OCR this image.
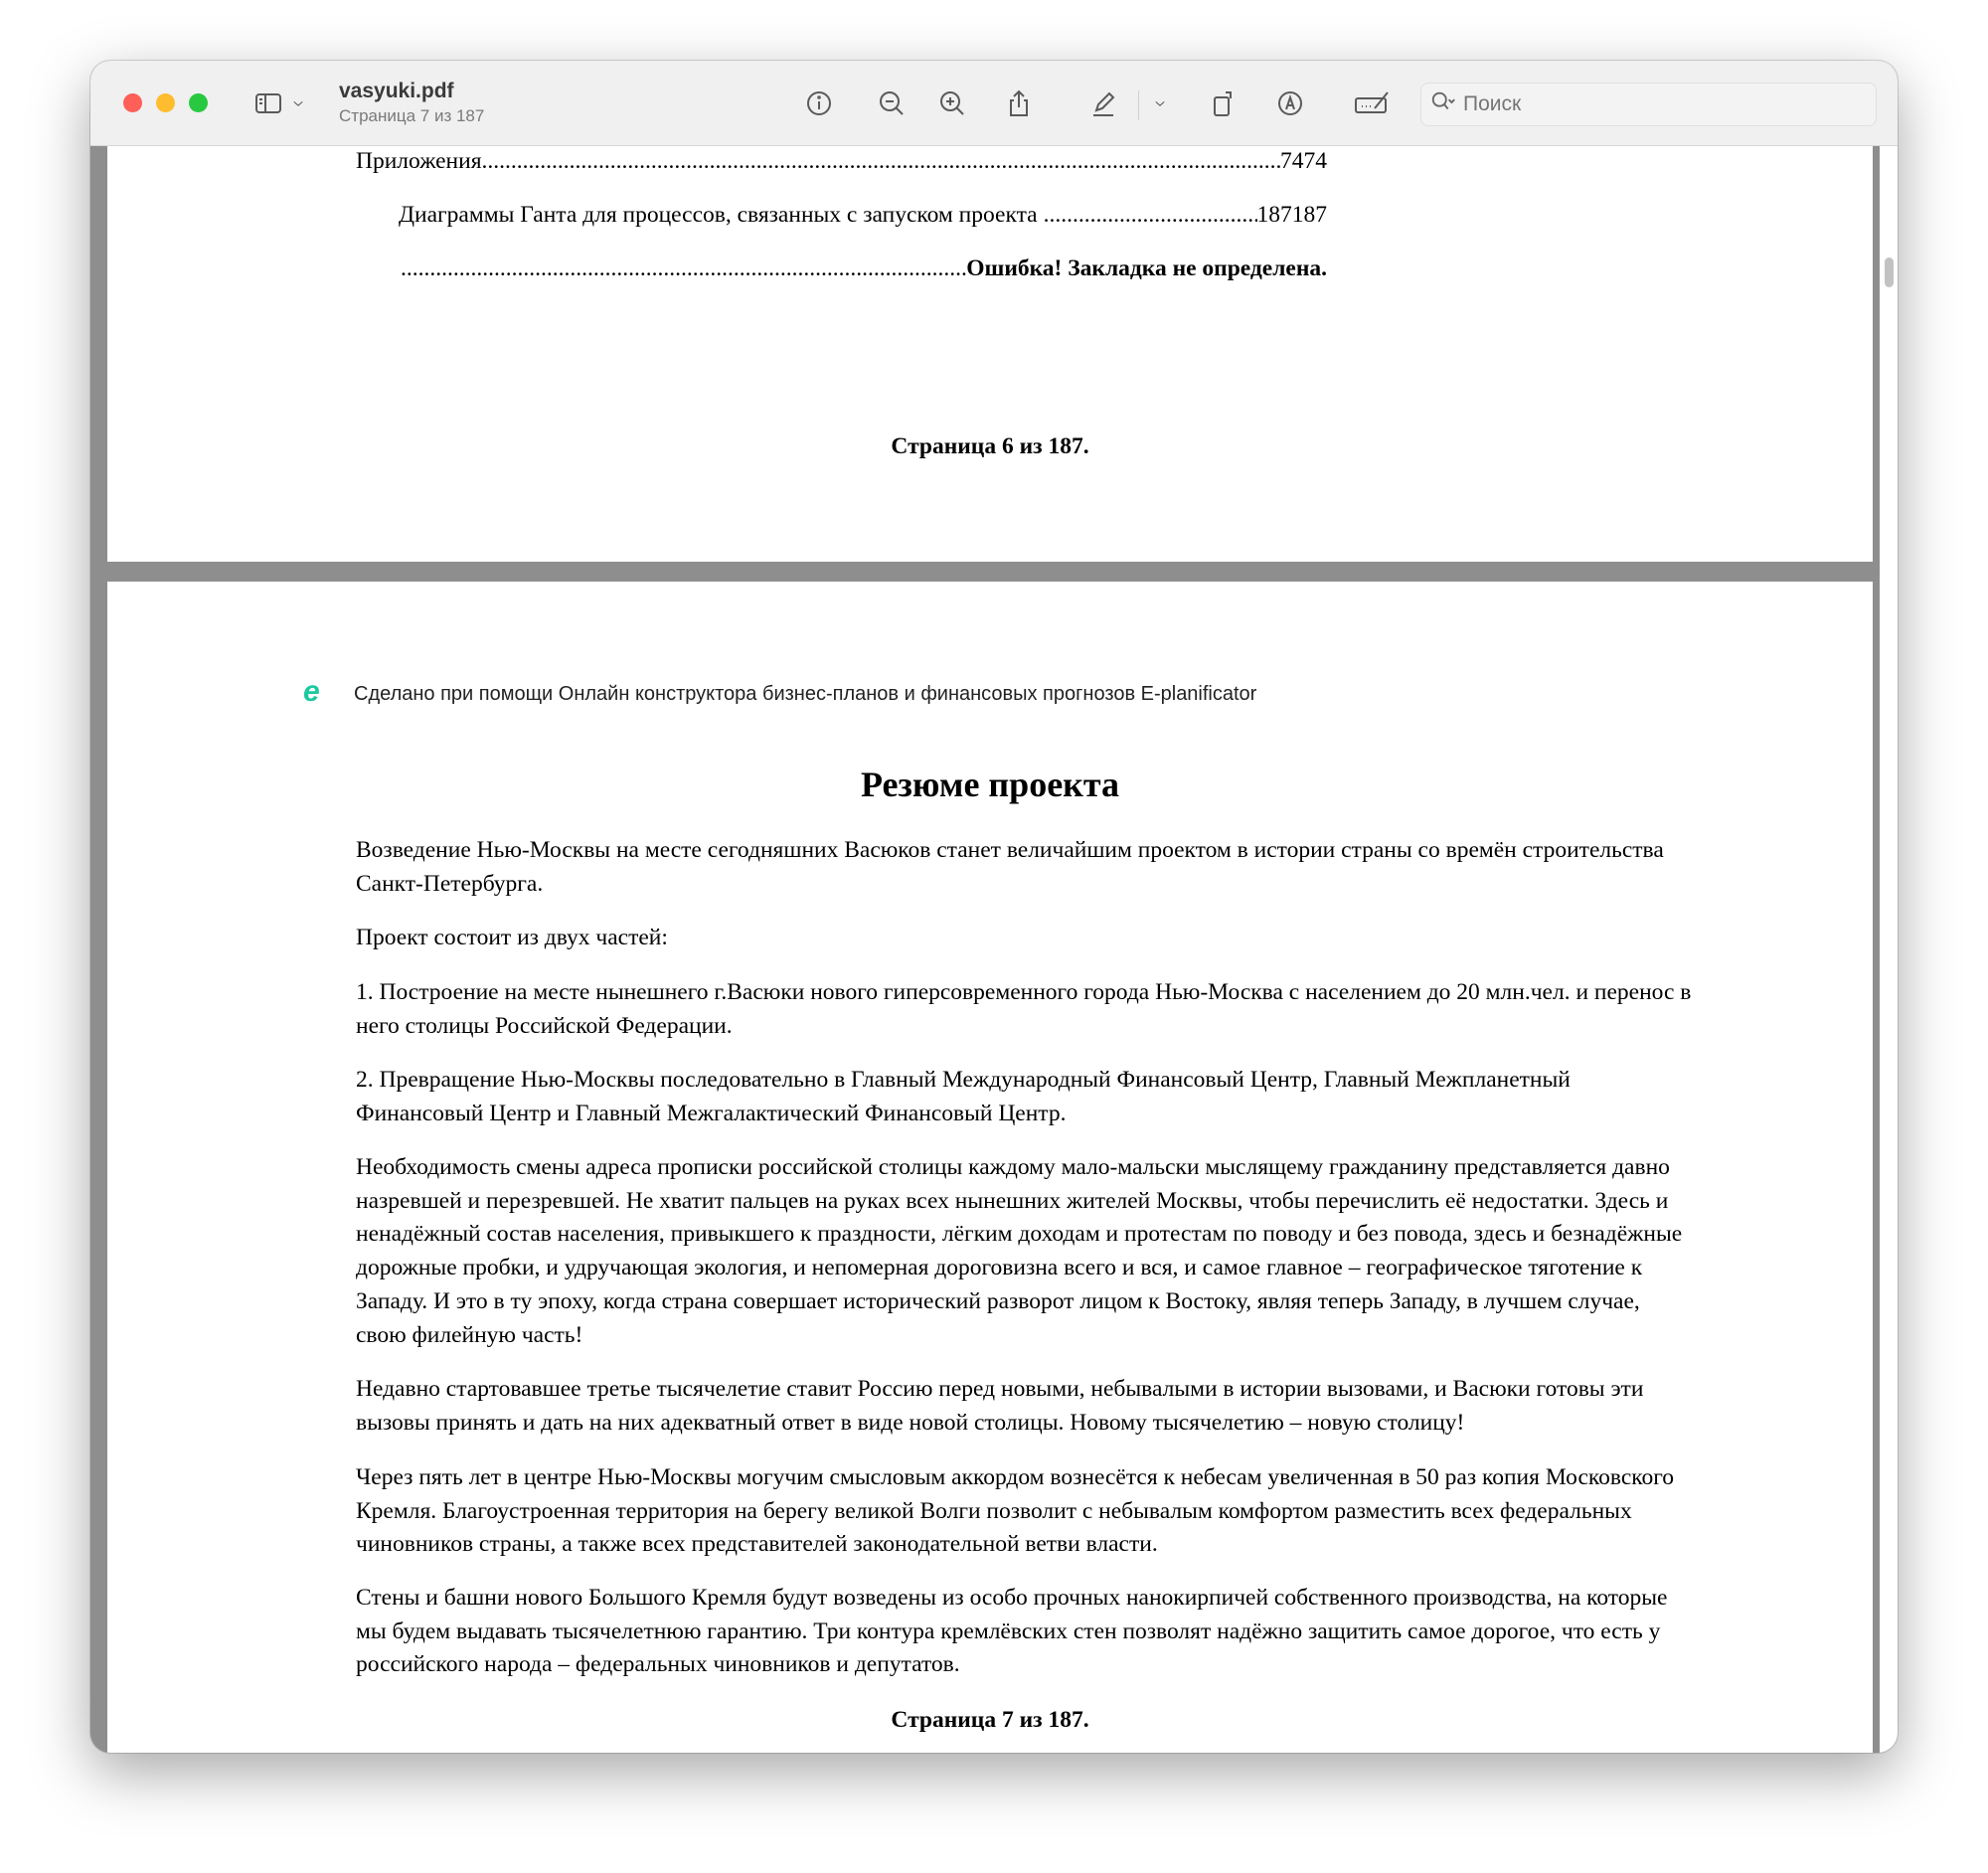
vasyuki.pdf
Страница 7 из 187
Поиск
Приложения .....	7474
Диаграммы Ганта для процессов, связанных с запуском проекта .....	187187
.....
Ошибка! Закладка не определена.
Страница 6 из 187.
e Сделано при помощи Онлайн конструктора бизнес-планов и финансовых прогнозов E-planificator
Резюме проекта
Возведение Нью-Москвы на месте сегодняшних Васюков станет величайшим проектом в истории страны со времён строительства
Санкт-Петербурга.
Проект состоит из двух частей:
1. Построение на месте нынешнего г.Васюки нового гиперсовременного города Нью-Москва с населением до 20 млн.чел. и перенос в
него столицы Российской Федерации.
2. Превращение Нью-Москвы последовательно в Главный Международный Финансовый Центр, Главный Межпланетный
Финансовый Центр и Главный Межгалактический Финансовый Центр.
Необходимость смены адреса прописки российской столицы каждому мало-мальски мыслящему гражданину представляется давно
назревшей и перезревшей. Не хватит пальцев на руках всех нынешних жителей Москвы, чтобы перечислить её недостатки. Здесь и
ненадёжный состав населения, привыкшего к праздности, лёгким доходам и протестам по поводу и без повода, здесь и безнадёжные
дорожные пробки, и удручающая экология, и непомерная дороговизна всего и вся, и самое главное – географическое тяготение к
Западу. И это в ту эпоху, когда страна совершает исторический разворот лицом к Востоку, являя теперь Западу, в лучшем случае,
свою филейную часть!
Недавно стартовавшее третье тысячелетие ставит Россию перед новыми, небывалыми в истории вызовами, и Васюки готовы эти
вызовы принять и дать на них адекватный ответ в виде новой столицы. Новому тысячелетию – новую столицу!
Через пять лет в центре Нью-Москвы могучим смысловым аккордом вознесётся к небесам увеличенная в 50 раз копия Московского
Кремля. Благоустроенная территория на берегу великой Волги позволит с небывалым комфортом разместить всех федеральных
чиновников страны, а также всех представителей законодательной ветви власти.
Стены и башни нового Большого Кремля будут возведены из особо прочных нанокирпичей собственного производства, на которые
мы будем выдавать тысячелетнюю гарантию. Три контура кремлёвских стен позволят надёжно защитить самое дорогое, что есть у
российского народа – федеральных чиновников и депутатов.
Страница 7 из 187.
